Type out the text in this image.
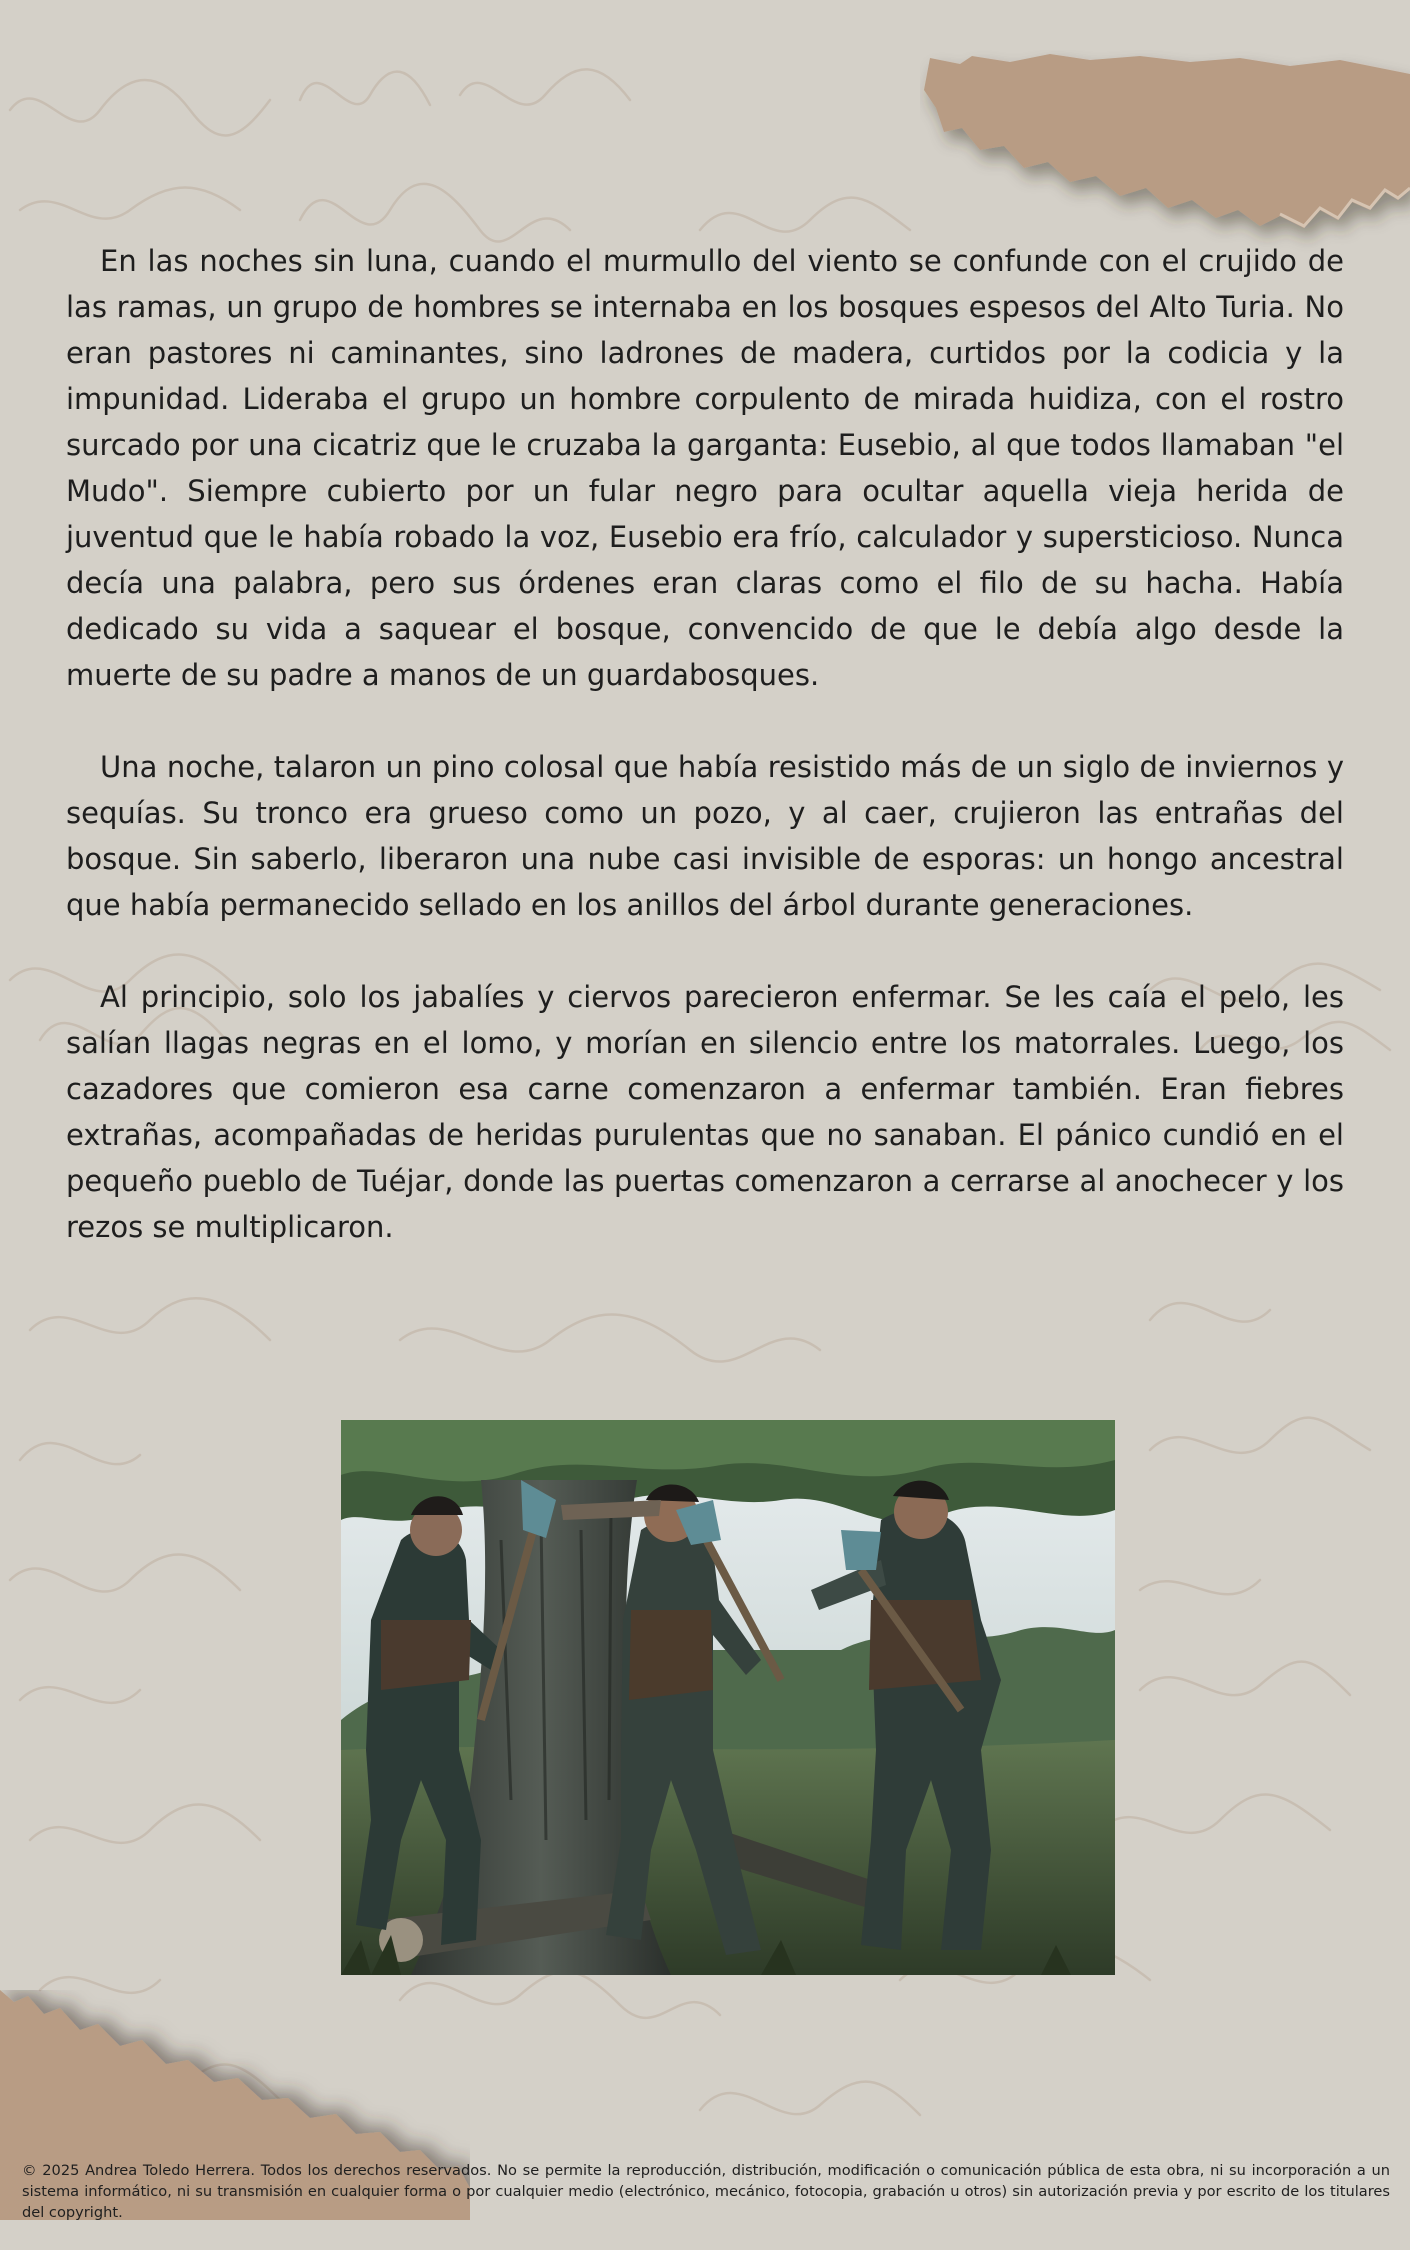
En las noches sin luna, cuando el murmullo del viento se confunde con el crujido de las ramas, un grupo de hombres se internaba en los bosques espesos del Alto Turia. No eran pastores ni caminantes, sino ladrones de madera, curtidos por la codicia y la impunidad. Lideraba el grupo un hombre corpulento de mirada huidiza, con el rostro surcado por una cicatriz que le cruzaba la garganta: Eusebio, al que todos llamaban "el Mudo". Siempre cubierto por un fular negro para ocultar aquella vieja herida de juventud que le había robado la voz, Eusebio era frío, calculador y supersticioso. Nunca decía una palabra, pero sus órdenes eran claras como el filo de su hacha. Había dedicado su vida a saquear el bosque, convencido de que le debía algo desde la muerte de su padre a manos de un guardabosques.

Una noche, talaron un pino colosal que había resistido más de un siglo de inviernos y sequías. Su tronco era grueso como un pozo, y al caer, crujieron las entrañas del bosque. Sin saberlo, liberaron una nube casi invisible de esporas: un hongo ancestral que había permanecido sellado en los anillos del árbol durante generaciones.

Al principio, solo los jabalíes y ciervos parecieron enfermar. Se les caía el pelo, les salían llagas negras en el lomo, y morían en silencio entre los matorrales. Luego, los cazadores que comieron esa carne comenzaron a enfermar también. Eran fiebres extrañas, acompañadas de heridas purulentas que no sanaban. El pánico cundió en el pequeño pueblo de Tuéjar, donde las puertas comenzaron a cerrarse al anochecer y los rezos se multiplicaron.

© 2025 Andrea Toledo Herrera. Todos los derechos reservados. No se permite la reproducción, distribución, modificación o comunicación pública de esta obra, ni su incorporación a un sistema informático, ni su transmisión en cualquier forma o por cualquier medio (electrónico, mecánico, fotocopia, grabación u otros) sin autorización previa y por escrito de los titulares del copyright.
